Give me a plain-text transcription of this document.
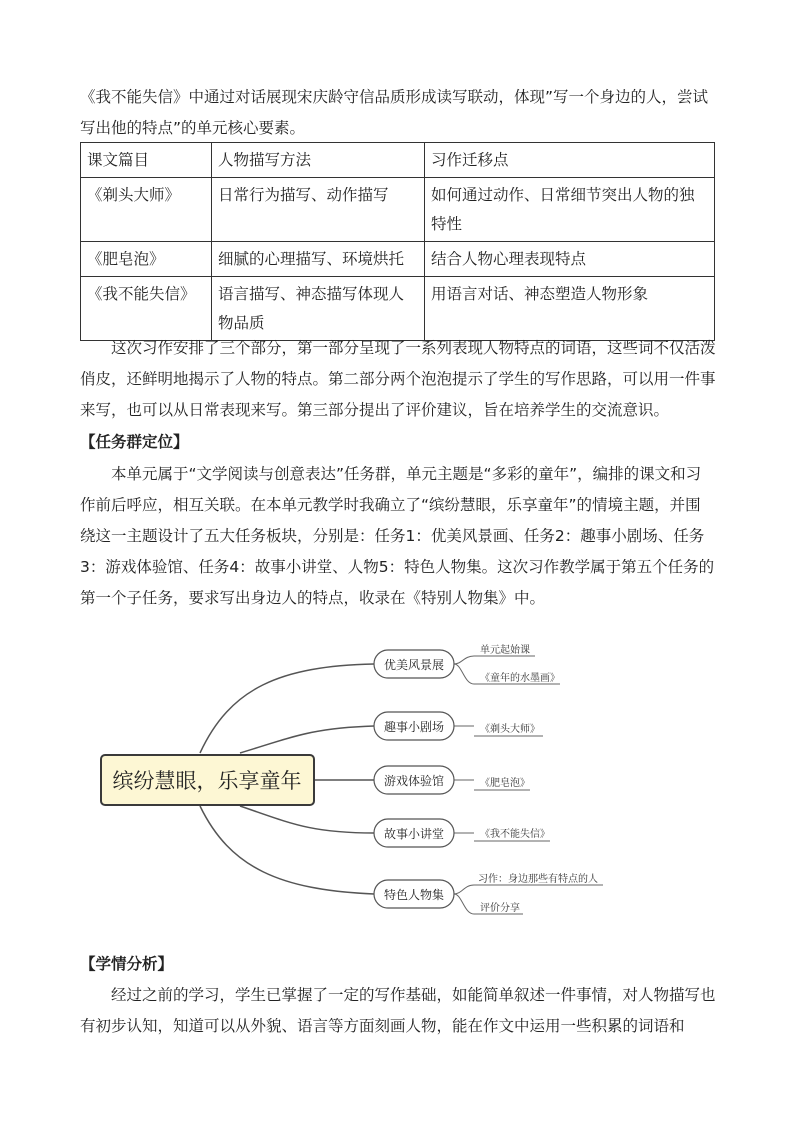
《我不能失信》中通过对话展现宋庆龄守信品质形成读写联动，体现”写一个身边的人，尝试写出他的特点”的单元核心要素。
课文篇目	人物描写方法	习作迁移点
《剃头大师》	日常行为描写、动作描写	如何通过动作、日常细节突出人物的独特性
《肥皂泡》	细腻的心理描写、环境烘托	结合人物心理表现特点
《我不能失信》	语言描写、神态描写体现人物品质	用语言对话、神态塑造人物形象
这次习作安排了三个部分，第一部分呈现了一系列表现人物特点的词语，这些词不仅活泼俏皮，还鲜明地揭示了人物的特点。第二部分两个泡泡提示了学生的写作思路，可以用一件事来写，也可以从日常表现来写。第三部分提出了评价建议，旨在培养学生的交流意识。
【任务群定位】
本单元属于“文学阅读与创意表达”任务群，单元主题是“多彩的童年”，编排的课文和习作前后呼应，相互关联。在本单元教学时我确立了“缤纷慧眼，乐享童年”的情境主题，并围绕这一主题设计了五大任务板块，分别是：任务1：优美风景画、任务2：趣事小剧场、任务3：游戏体验馆、任务4：故事小讲堂、人物5：特色人物集。这次习作教学属于第五个任务的第一个子任务，要求写出身边人的特点，收录在《特别人物集》中。
缤纷慧眼，乐享童年
优美风景展
趣事小剧场
游戏体验馆
故事小讲堂
特色人物集
单元起始课
《童年的水墨画》
《剃头大师》
《肥皂泡》
《我不能失信》
习作：身边那些有特点的人
评价分享
【学情分析】
经过之前的学习，学生已掌握了一定的写作基础，如能简单叙述一件事情，对人物描写也有初步认知，知道可以从外貌、语言等方面刻画人物，能在作文中运用一些积累的词语和
